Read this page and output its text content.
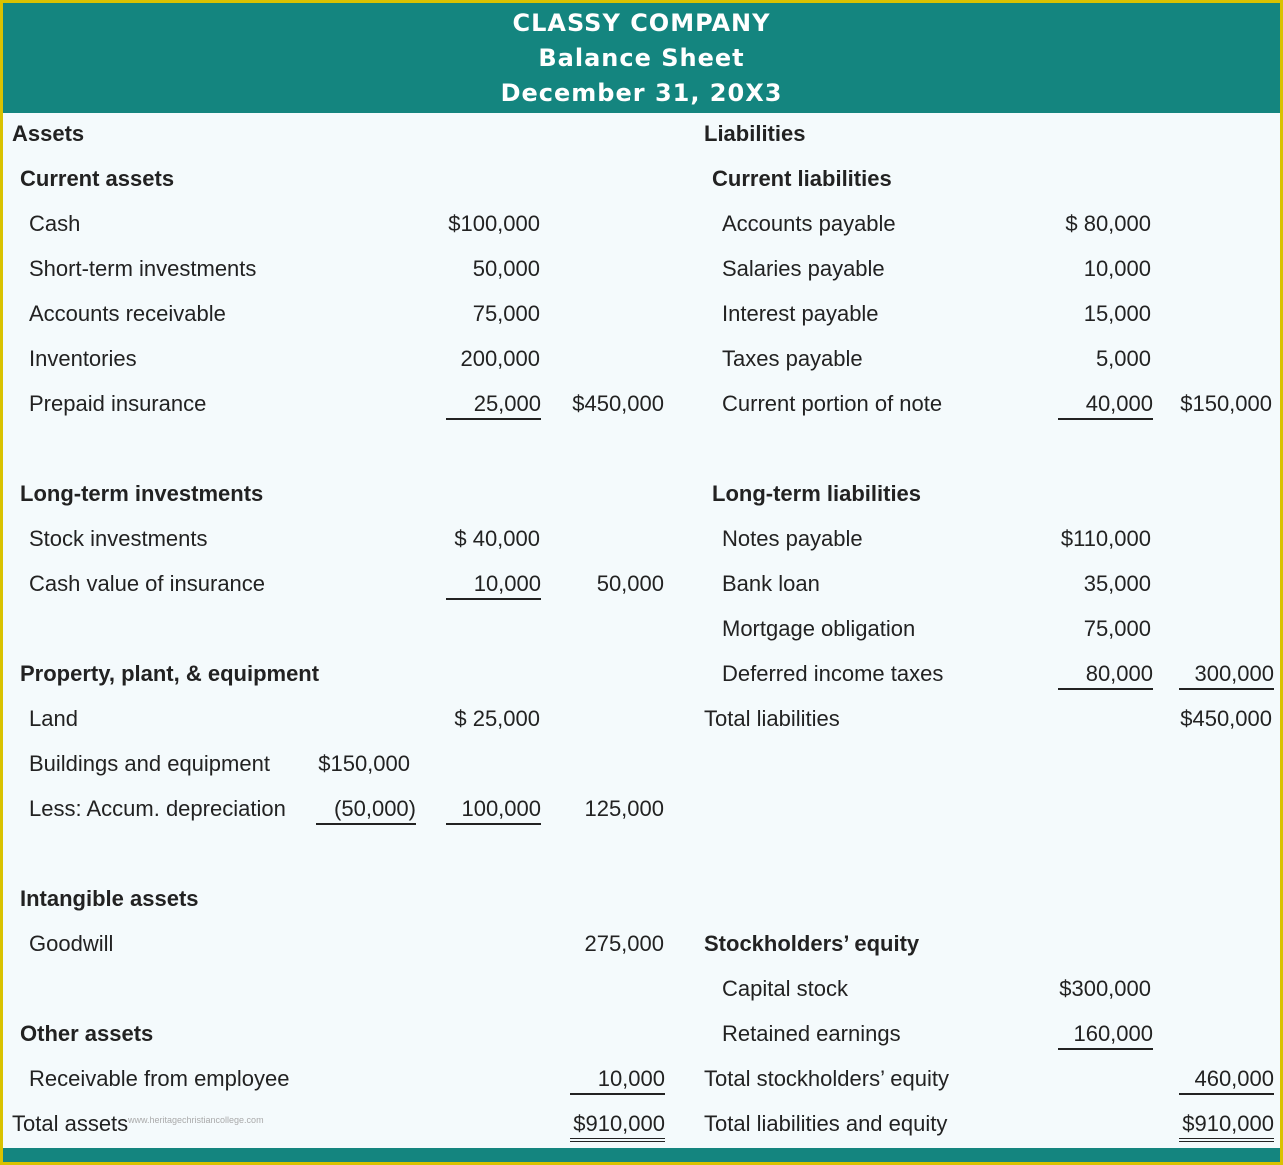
CLASSY COMPANY
Balance Sheet
December 31, 20X3
Assets
Current assets
Cash	$100,000
Short-term investments	50,000
Accounts receivable	75,000
Inventories	200,000
Prepaid insurance	25,000 $450,000
Long-term investments
Stock investments	$ 40,000
Cash value of insurance	10,000	50,000
Property, plant, & equipment
Land	$ 25,000
Buildings and equipment $150,000
Less: Accum. depreciation	(50,000)	100,000 125,000
Intangible assets
Goodwill	275,000
Other assets
Receivable from employee	10,000
Total assets www.heritagechristiancollege.com	$910,000
Liabilities
Current liabilities
Accounts payable	$ 80,000
Salaries payable	10,000
Interest payable	15,000
Taxes payable	5,000
Current portion of note	40,000 $150,000
Long-term liabilities
Notes payable	$110,000
Bank loan	35,000
Mortgage obligation	75,000
Deferred income taxes	80,000	300,000
Total liabilities	$450,000
Stockholders’ equity
Capital stock	$300,000
Retained earnings	160,000
Total stockholders’ equity	460,000
Total liabilities and equity	$910,000
